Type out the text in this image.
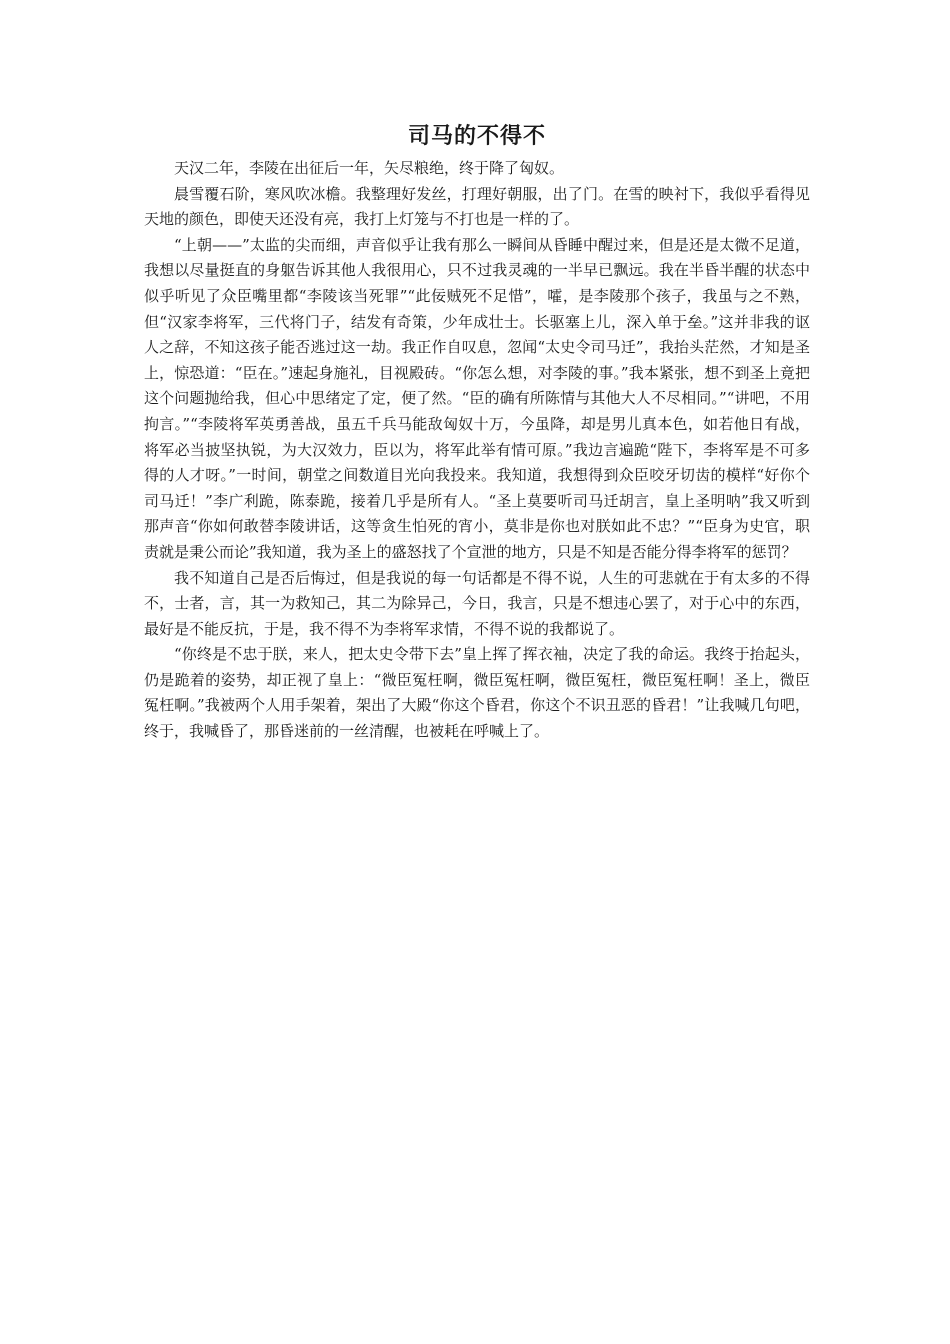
司马的不得不

天汉二年，李陵在出征后一年，矢尽粮绝，终于降了匈奴。

晨雪覆石阶，寒风吹冰檐。我整理好发丝，打理好朝服，出了门。在雪的映衬下，我似乎看得见天地的颜色，即使天还没有亮，我打上灯笼与不打也是一样的了。

“上朝——”太监的尖而细，声音似乎让我有那么一瞬间从昏睡中醒过来，但是还是太微不足道，我想以尽量挺直的身躯告诉其他人我很用心，只不过我灵魂的一半早已飘远。我在半昏半醒的状态中似乎听见了众臣嘴里都“李陵该当死罪”“此佞贼死不足惜”，嚯，是李陵那个孩子，我虽与之不熟，但“汉家李将军，三代将门子，结发有奇策，少年成壮士。长驱塞上儿，深入单于垒。”这并非我的讴人之辞，不知这孩子能否逃过这一劫。我正作自叹息，忽闻“太史令司马迁”，我抬头茫然，才知是圣上，惊恐道：“臣在。”速起身施礼，目视殿砖。“你怎么想，对李陵的事。”我本紧张，想不到圣上竟把这个问题抛给我，但心中思绪定了定，便了然。“臣的确有所陈情与其他大人不尽相同。”“讲吧，不用拘言。”“李陵将军英勇善战，虽五千兵马能敌匈奴十万，今虽降，却是男儿真本色，如若他日有战，将军必当披坚执锐，为大汉效力，臣以为，将军此举有情可原。”我边言遍跪“陛下，李将军是不可多得的人才呀。”一时间，朝堂之间数道目光向我投来。我知道，我想得到众臣咬牙切齿的模样“好你个司马迁！”李广利跪，陈泰跪，接着几乎是所有人。“圣上莫要听司马迁胡言，皇上圣明呐”我又听到那声音“你如何敢替李陵讲话，这等贪生怕死的宵小，莫非是你也对朕如此不忠？”“臣身为史官，职责就是秉公而论”我知道，我为圣上的盛怒找了个宣泄的地方，只是不知是否能分得李将军的惩罚？

我不知道自己是否后悔过，但是我说的每一句话都是不得不说，人生的可悲就在于有太多的不得不，士者，言，其一为救知己，其二为除异己，今日，我言，只是不想违心罢了，对于心中的东西，最好是不能反抗，于是，我不得不为李将军求情，不得不说的我都说了。

“你终是不忠于朕，来人，把太史令带下去”皇上挥了挥衣袖，决定了我的命运。我终于抬起头，仍是跪着的姿势，却正视了皇上：“微臣冤枉啊，微臣冤枉啊，微臣冤枉，微臣冤枉啊！圣上，微臣冤枉啊。”我被两个人用手架着，架出了大殿“你这个昏君，你这个不识丑恶的昏君！”让我喊几句吧，终于，我喊昏了，那昏迷前的一丝清醒，也被耗在呼喊上了。
